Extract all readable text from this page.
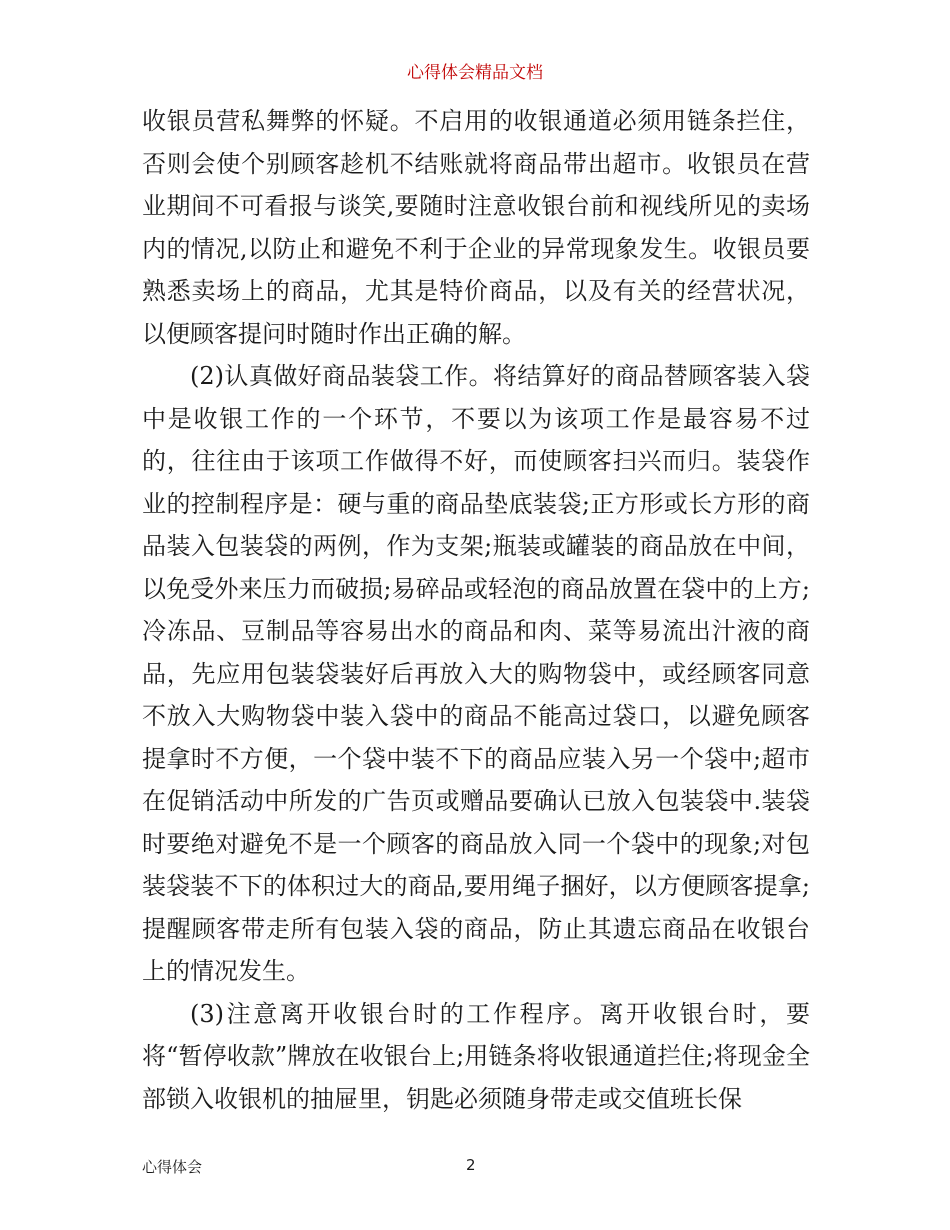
心得体会精品文档

收银员营私舞弊的怀疑。不启用的收银通道必须用链条拦住，否则会使个别顾客趁机不结账就将商品带出超市。收银员在营业期间不可看报与谈笑,要随时注意收银台前和视线所见的卖场内的情况,以防止和避免不利于企业的异常现象发生。收银员要熟悉卖场上的商品，尤其是特价商品，以及有关的经营状况，以便顾客提问时随时作出正确的解。

(2)认真做好商品装袋工作。将结算好的商品替顾客装入袋中是收银工作的一个环节，不要以为该项工作是最容易不过的，往往由于该项工作做得不好，而使顾客扫兴而归。装袋作业的控制程序是：硬与重的商品垫底装袋;正方形或长方形的商品装入包装袋的两例，作为支架;瓶装或罐装的商品放在中间，以免受外来压力而破损;易碎品或轻泡的商品放置在袋中的上方;冷冻品、豆制品等容易出水的商品和肉、菜等易流出汁液的商品，先应用包装袋装好后再放入大的购物袋中，或经顾客同意不放入大购物袋中装入袋中的商品不能高过袋口，以避免顾客提拿时不方便，一个袋中装不下的商品应装入另一个袋中;超市在促销活动中所发的广告页或赠品要确认已放入包装袋中.装袋时要绝对避免不是一个顾客的商品放入同一个袋中的现象;对包装袋装不下的体积过大的商品,要用绳子捆好，以方便顾客提拿;提醒顾客带走所有包装入袋的商品，防止其遗忘商品在收银台上的情况发生。

(3)注意离开收银台时的工作程序。离开收银台时，要将“暂停收款”牌放在收银台上;用链条将收银通道拦住;将现金全部锁入收银机的抽屉里，钥匙必须随身带走或交值班长保

心得体会	2
